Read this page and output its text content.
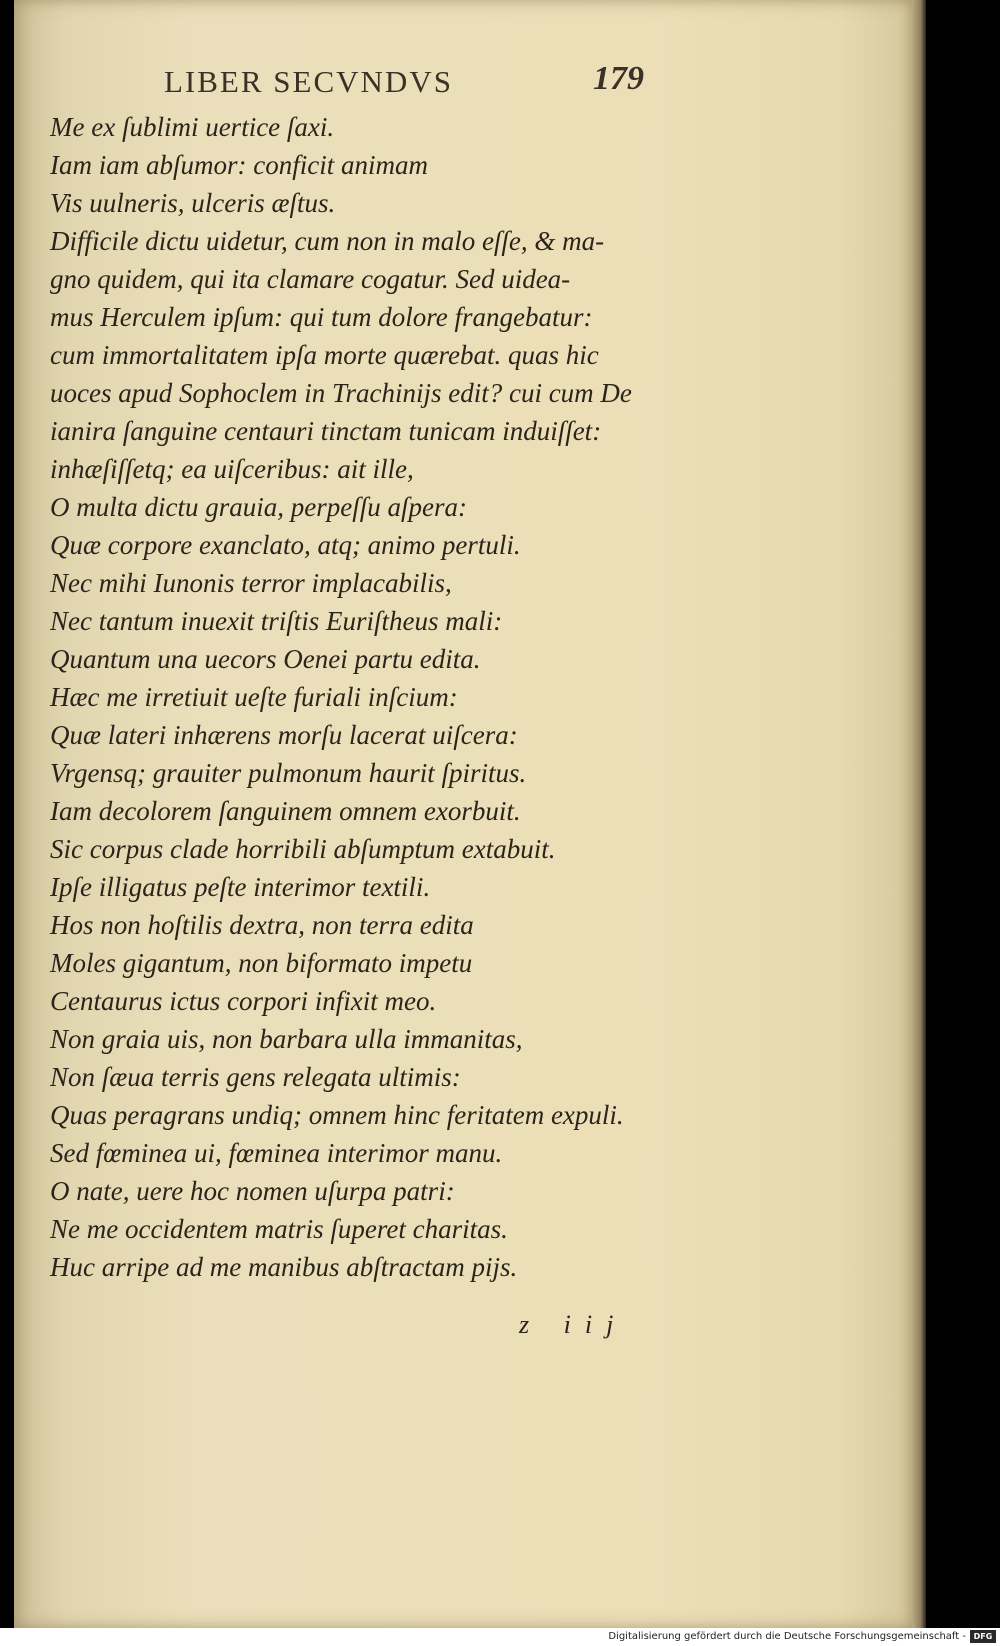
LIBER SECVNDVS	179
Me ex ſublimi uertice ſaxi.
Iam iam abſumor: conficit animam
Vis uulneris, ulceris æſtus.
Difficile dictu uidetur, cum non in malo eſſe, & ma-
gno quidem, qui ita clamare cogatur. Sed uidea-
mus Herculem ipſum: qui tum dolore frangebatur:
cum immortalitatem ipſa morte quærebat. quas hic
uoces apud Sophoclem in Trachinijs edit? cui cum De
ianira ſanguine centauri tinctam tunicam induiſſet:
inhæſiſſetq; ea uiſceribus: ait ille,
O multa dictu grauia, perpeſſu aſpera:
Quæ corpore exanclato, atq; animo pertuli.
Nec mihi Iunonis terror implacabilis,
Nec tantum inuexit triſtis Euriſtheus mali:
Quantum una uecors Oenei partu edita.
Hæc me irretiuit ueſte furiali inſcium:
Quæ lateri inhærens morſu lacerat uiſcera:
Vrgensq; grauiter pulmonum haurit ſpiritus.
Iam decolorem ſanguinem omnem exorbuit.
Sic corpus clade horribili abſumptum extabuit.
Ipſe illigatus peſte interimor textili.
Hos non hoſtilis dextra, non terra edita
Moles gigantum, non biformato impetu
Centaurus ictus corpori infixit meo.
Non graia uis, non barbara ulla immanitas,
Non ſæua terris gens relegata ultimis:
Quas peragrans undiq; omnem hinc feritatem expuli.
Sed fœminea ui, fœminea interimor manu.
O nate, uere hoc nomen uſurpa patri:
Ne me occidentem matris ſuperet charitas.
Huc arripe ad me manibus abſtractam pijs.
z iij
Digitalisierung gefördert durch die Deutsche Forschungsgemeinschaft - DFG
